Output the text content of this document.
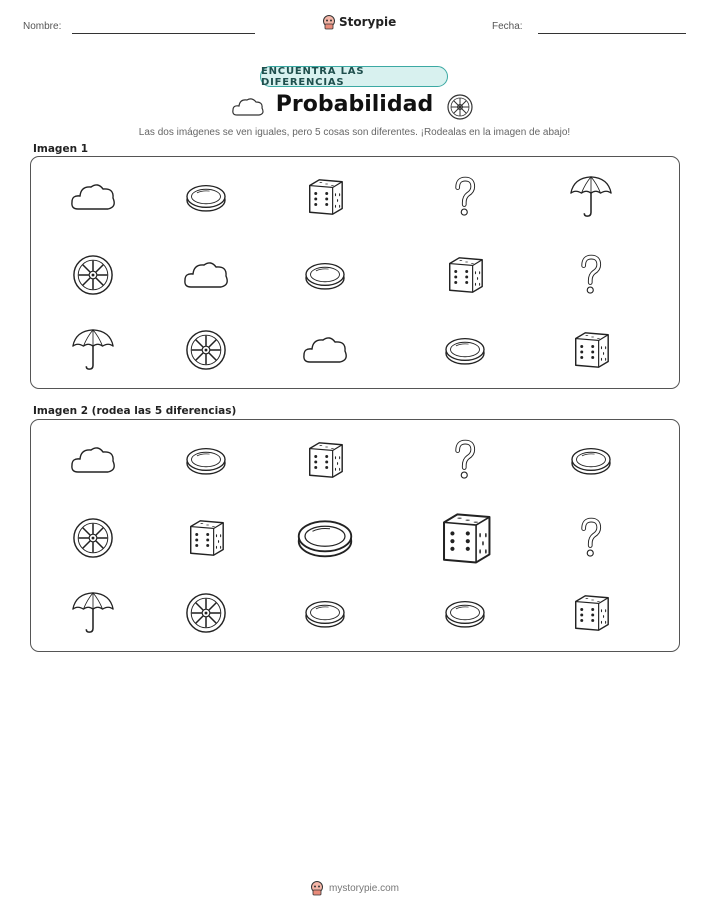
Nombre:	Storypie	Fecha:
ENCUENTRA LAS DIFERENCIAS
Probabilidad
Las dos imágenes se ven iguales, pero 5 cosas son diferentes. ¡Rodealas en la imagen de abajo!
Imagen 1
Imagen 2 (rodea las 5 diferencias)
mystorypie.com
